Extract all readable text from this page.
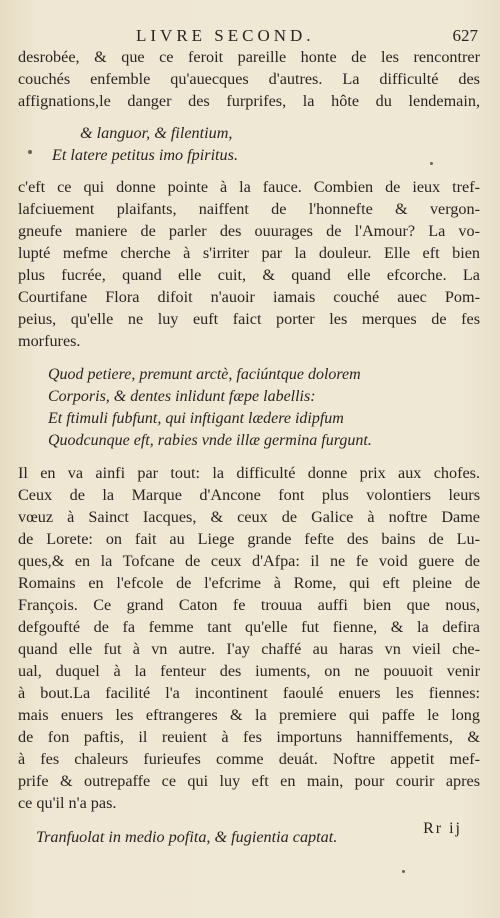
LIVRE SECOND.	627
desrobée, & que ce feroit pareille honte de les rencontrer
couchés enfemble qu'auecques d'autres. La difficulté des
affignations,le danger des furprifes, la hôte du lendemain,
& languor, & filentium,
Et latere petitus imo fpiritus.
c'eft ce qui donne pointe à la fauce. Combien de ieux tref-
lafciuement plaifants, naiffent de l'honnefte & vergon-
gneufe maniere de parler des ouurages de l'Amour? La vo-
lupté mefme cherche à s'irriter par la douleur. Elle eft bien
plus fucrée, quand elle cuit, & quand elle efcorche. La
Courtifane Flora difoit n'auoir iamais couché auec Pom-
peius, qu'elle ne luy euft faict porter les merques de fes
morfures.
Quod petiere, premunt arctè, faciúntque dolorem
Corporis, & dentes inlidunt fæpe labellis:
Et ftimuli fubfunt, qui inftigant lædere idipfum
Quodcunque eft, rabies vnde illæ germina furgunt.
Il en va ainfi par tout: la difficulté donne prix aux chofes.
Ceux de la Marque d'Ancone font plus volontiers leurs
vœuz à Sainct Iacques, & ceux de Galice à noftre Dame
de Lorete: on fait au Liege grande fefte des bains de Lu-
ques,& en la Tofcane de ceux d'Afpa: il ne fe void guere de
Romains en l'efcole de l'efcrime à Rome, qui eft pleine de
François. Ce grand Caton fe trouua auffi bien que nous,
defgoufté de fa femme tant qu'elle fut fienne, & la defira
quand elle fut à vn autre. I'ay chaffé au haras vn vieil che-
ual, duquel à la fenteur des iuments, on ne pouuoit venir
à bout.La facilité l'a incontinent faoulé enuers les fiennes:
mais enuers les eftrangeres & la premiere qui paffe le long
de fon paftis, il reuient à fes importuns hanniffements, &
à fes chaleurs furieufes comme deuát. Noftre appetit mef-
prife & outrepaffe ce qui luy eft en main, pour courir apres
ce qu'il n'a pas.
Tranfuolat in medio pofita, & fugientia captat.	Rr ij
